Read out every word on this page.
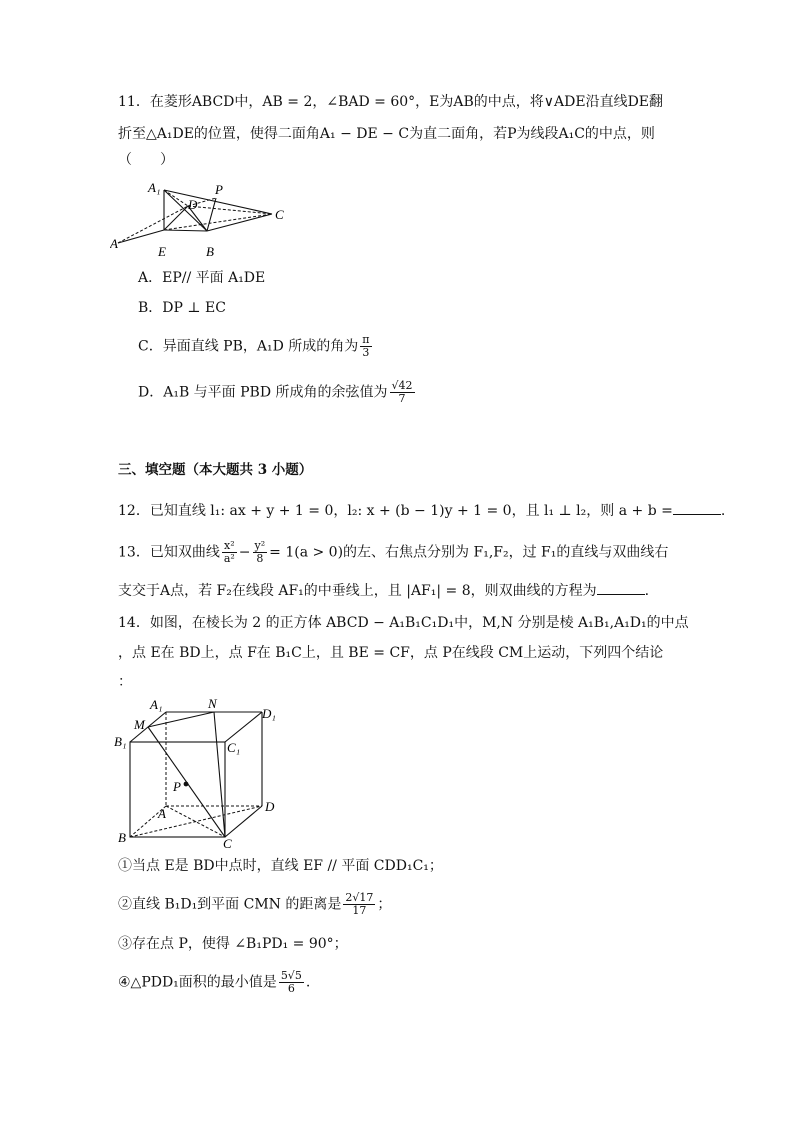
11．在菱形ABCD中，AB = 2，∠BAD = 60°，E为AB的中点，将∨ADE沿直线DE翻
折至△A₁DE的位置，使得二面角A₁ − DE − C为直二面角，若P为线段A₁C的中点，则
（　　）
A₁	P
D
C
A
E	B
A．EP// 平面 A₁DE
B．DP ⊥ EC
C．异面直线 PB，A₁D 所成的角为 $\frac{\pi}{3}$
D．A₁B 与平面 PBD 所成角的余弦值为 $\frac{√42}{7}$
三、填空题（本大题共 3 小题）
12．已知直线 l₁: ax + y + 1 = 0，l₂: x + (b − 1)y + 1 = 0，且 l₁ ⊥ l₂，则 a + b =	.
13．已知双曲线 $\frac{\text{x²}}{\text{a²}} - \frac{\text{y²}}{8} = 1(a > 0)$的左、右焦点分别为 F₁,F₂，过 F₁的直线与双曲线右
支交于A点，若 F₂在线段 AF₁的中垂线上，且 |AF₁| = 8，则双曲线的方程为	.
14．如图，在棱长为 2 的正方体 ABCD − A₁B₁C₁D₁中，M,N 分别是棱 A₁B₁,A₁D₁的中点
，点 E在 BD上，点 F在 B₁C上，且 BE = CF，点 P在线段 CM上运动，下列四个结论
：
A₁	N
D₁
M
B₁	C₁
P
D
A
B	C
①当点 E是 BD中点时，直线 EF // 平面 CDD₁C₁；
②直线 B₁D₁到平面 CMN 的距离是 $\frac{2√17}{17}$ ；
③存在点 P，使得 ∠B₁PD₁ = 90°；
④△PDD₁面积的最小值是 $\frac{5√5}{6}$ .
